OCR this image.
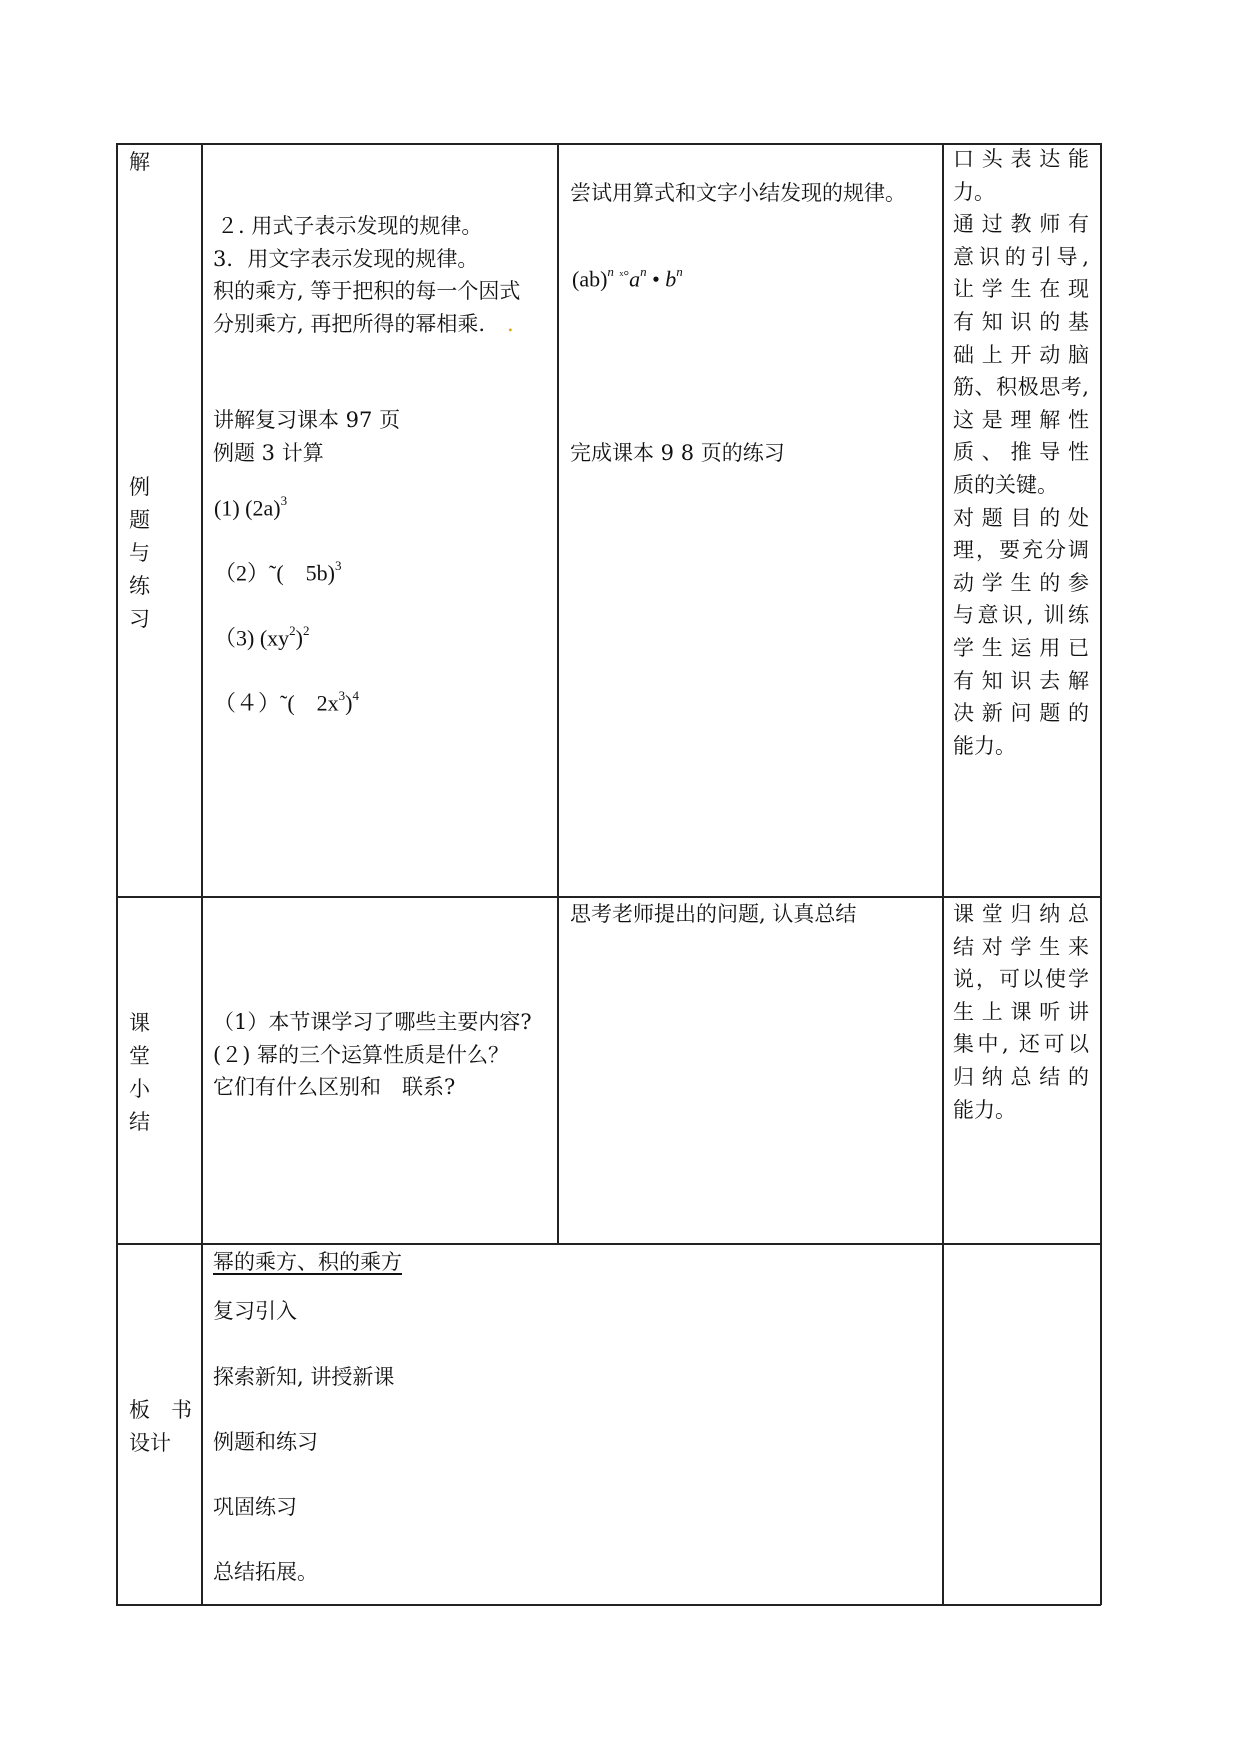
解
例
题
与
练
习
２. 用式子表示发现的规律。
3．用文字表示发现的规律。
积的乘方, 等于把积的每一个因式
分别乘方, 再把所得的幂相乘. .
讲解复习课本 97 页
例题 3 计算
(1) $(2a)^3$
（2）˜(　5b)$^3$
（3) $(xy^2)^2$
（４）˜(　$2x^3)^4$
尝试用算式和文字小结发现的规律。
(ab)$^n$ $^{ˣ^\circ}a^n$ • $b^n$
完成课本 9 8 页的练习
口头表达能
力。
通过教师有
意识的引导,
让学生在现
有知识的基
础上开动脑
筋、积极思考,
这是理解性
质、推导性
质的关键。
对题目的处
理，要充分调
动学生的参
与意识, 训练
学生运用已
有知识去解
决新问题的
能力。
课
堂
小
结
（1）本节课学习了哪些主要内容?
(２) 幂的三个运算性质是什么？
它们有什么区别和　联系?
思考老师提出的问题, 认真总结	课堂归纳总
结对学生来
说，可以使学
生上课听讲
集中, 还可以
归纳总结的
能力。
板　书
设计
幂的乘方、积的乘方
复习引入
探索新知, 讲授新课
例题和练习
巩固练习
总结拓展。
